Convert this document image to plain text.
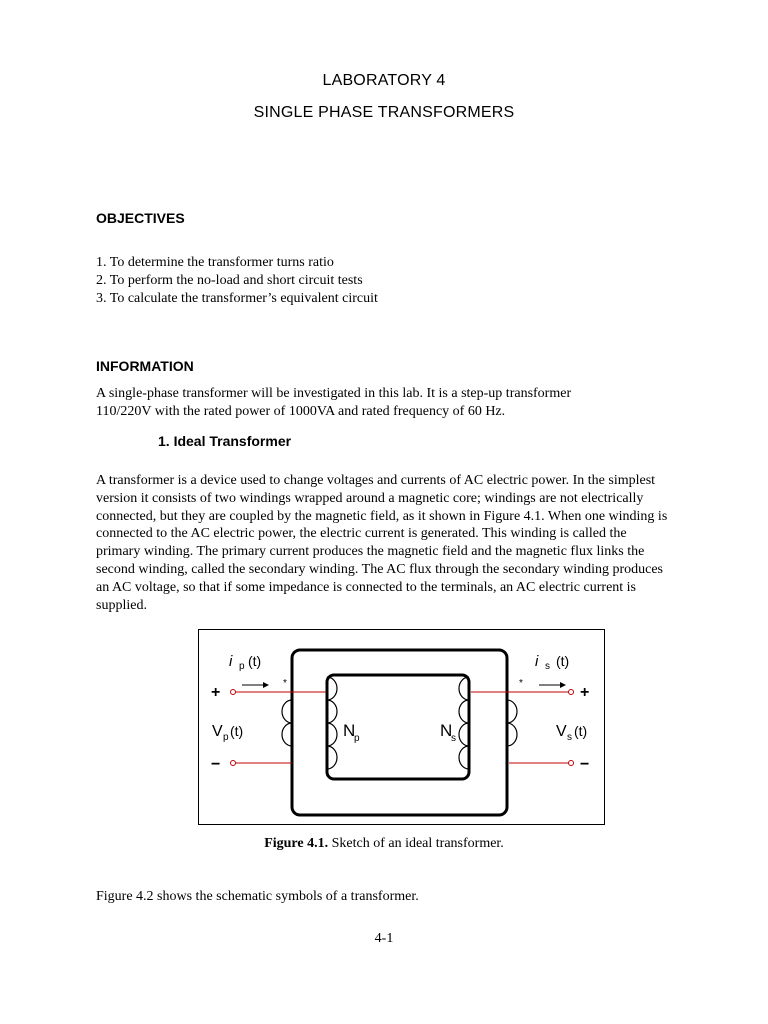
LABORATORY 4
SINGLE PHASE TRANSFORMERS
OBJECTIVES
1. To determine the transformer turns ratio
2. To perform the no-load and short circuit tests
3. To calculate the transformer’s equivalent circuit
INFORMATION

A single-phase transformer will be investigated in this lab. It is a step-up transformer 110/220V with the rated power of 1000VA and rated frequency of 60 Hz.

1. Ideal Transformer

A transformer is a device used to change voltages and currents of AC electric power. In the simplest version it consists of two windings wrapped around a magnetic core; windings are not electrically connected, but they are coupled by the magnetic field, as it shown in Figure 4.1. When one winding is connected to the AC electric power, the electric current is generated. This winding is called the primary winding. The primary current produces the magnetic field and the magnetic flux links the second winding, called the secondary winding. The AC flux through the secondary winding produces an AC voltage, so that if some impedance is connected to the terminals, an AC electric current is supplied.

i p (t)	i s (t)
+
−
+
−
*	*
V p (t)	V s (t)
N
p	N
s
Figure 4.1. Sketch of an ideal transformer.

Figure 4.2 shows the schematic symbols of a transformer.

4-1
